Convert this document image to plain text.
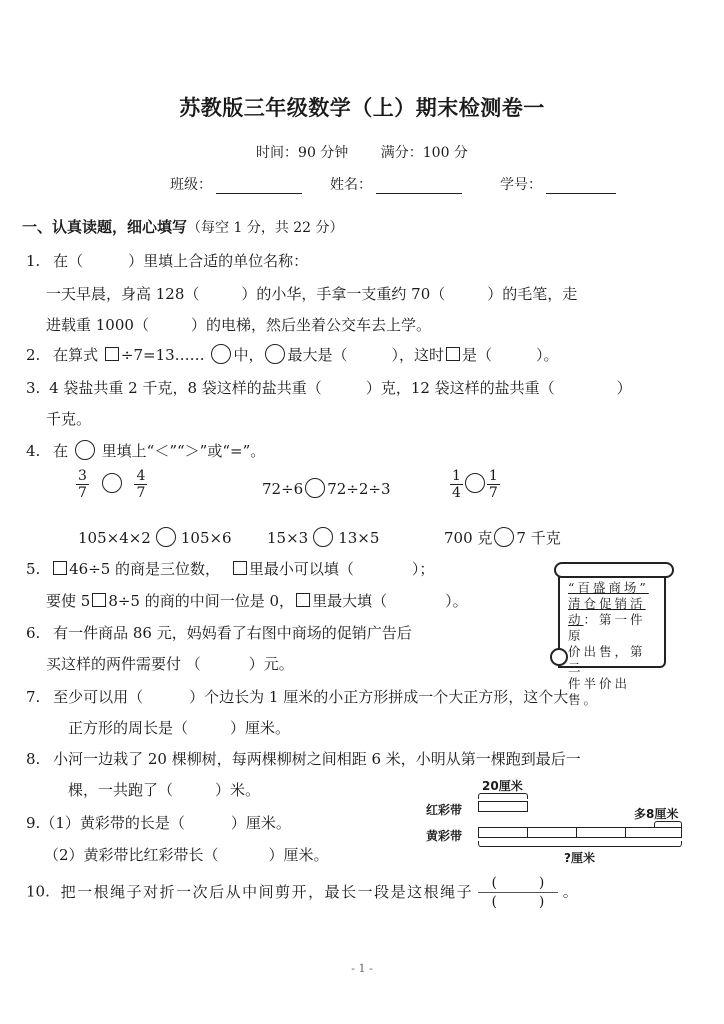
苏教版三年级数学（上）期末检测卷一
时间：90 分钟 满分：100 分
班级：	姓名：	学号：
一、认真读题，细心填写（每空 1 分，共 22 分）
1. 在（　　　）里填上合适的单位名称：
一天早晨，身高 128（	）的小华，手拿一支重约 70（	）的毛笔，走
进载重 1000（	）的电梯，然后坐着公交车去上学。
2. 在算式 ÷7=13…… 中， 最大是（	），这时 是（	）。
3. 4 袋盐共重 2 千克，8 袋这样的盐共重（	）克，12 袋这样的盐共重（	）
千克。
4. 在 里填上“＜”“＞”或“=”。
$\frac{3}{7}$
	$\frac{4}{7}$	72÷6 72÷2÷3	$\frac{1}{4} \frac{1}{7}$
105×4×2 105×6 15×3 13×5	700 克 7 千克
5. 46÷5 的商是三位数， 里最小可以填（	）；
要使 5 8÷5 的商的中间一位是 0， 里最大填（	）。
6. 有一件商品 86 元，妈妈看了右图中商场的促销广告后
买这样的两件需要付 （	）元。
“百盛商场”
清仓促销活
动：第一件原
价出售，第二
件半价出售。
7. 至少可以用（	）个边长为 1 厘米的小正方形拼成一个大正方形，这个大
正方形的周长是（	）厘米。
8. 小河一边栽了 20 棵柳树，每两棵柳树之间相距 6 米，小明从第一棵跑到最后一
棵，一共跑了（	）米。	20厘米
红彩带	多8厘米
黄彩带
?厘米
9.（1）黄彩带的长是（	）厘米。
（2）黄彩带比红彩带长（	）厘米。
10. 把一根绳子对折一次后从中间剪开，最长一段是这根绳子 $\frac{( )}{( )}$ 。
- 1 -
